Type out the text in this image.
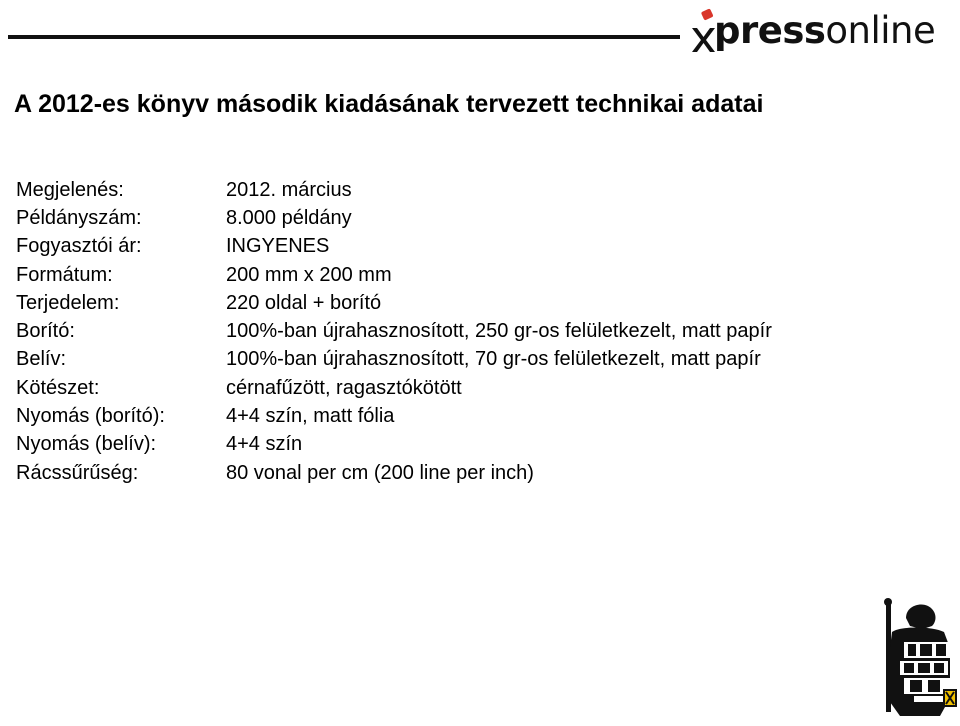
pressonline
A 2012-es könyv második kiadásának tervezett technikai adatai
Megjelenés:	2012. március
Példányszám:	8.000 példány
Fogyasztói ár:	INGYENES
Formátum:	200 mm x 200 mm
Terjedelem:	220 oldal + borító
Borító:	100%-ban újrahasznosított, 250 gr-os felületkezelt, matt papír
Belív:	100%-ban újrahasznosított, 70 gr-os felületkezelt, matt papír
Kötészet:	cérnafűzött, ragasztókötött
Nyomás (borító):	4+4 szín, matt fólia
Nyomás (belív):	4+4 szín
Rácssűrűség:	80 vonal per cm (200 line per inch)
